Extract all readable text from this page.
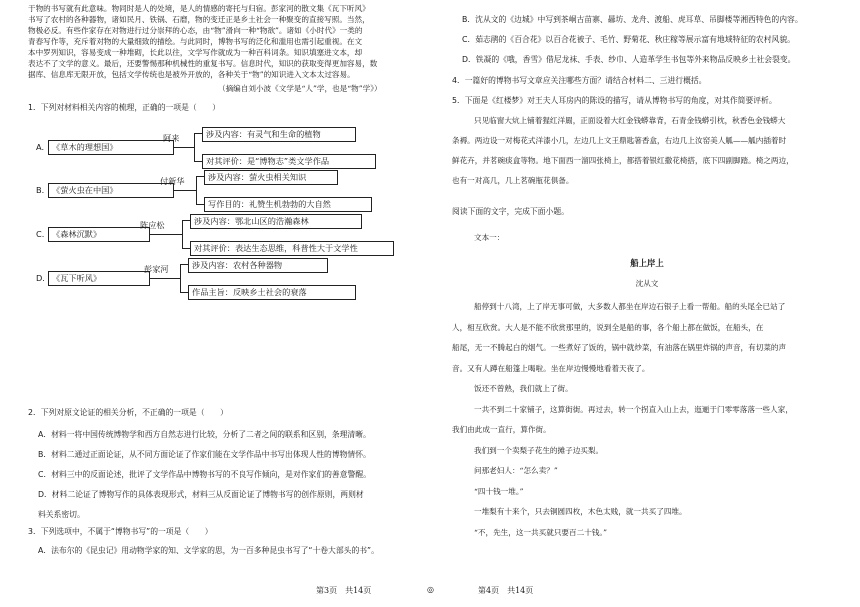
于物的书写就有此意味。物同时是人的处境，是人的情感的寄托与归宿。彭家河的散文集《瓦下听风》
书写了农村的各种器物，诸如民月、铁锅、石磨，物的变迁正是乡土社会一种聚变的直接写照。当然，
物极必反。有些作家存在对物进行过分崇拜的心态，由“物”滑向一种“物欲”。诸如《小时代》一类的
青春写作等，充斥着对物的大量细致的描绘。与此同时，博物书写的泛化和滥用也需引起重视。在文
本中罗列知识，容易变成一种堆砌，长此以往，文学写作就成为一种百科词条。知识填塞进文本，却
表达不了文学的意义。最后，还要警惕那种机械性的重复书写。信息时代，知识的获取变得更加容易，数
据库、信息库无限开放，包括文学传统也是被外开放的，各种关于“物”的知识进入文本太过容易。
（摘编自刘小波《文学是“人”学，也是“物”学》）
1．下列对材料相关内容的梳理，正确的一项是（　　）
A. 《草木的理想国》
阿来	涉及内容：有灵气和生命的植物
对其评价：是“博物志”类文学作品
B. 《萤火虫在中国》
付新华	涉及内容：萤火虫相关知识
写作目的：礼赞生机勃勃的大自然
C. 《森林沉默》
陈应松	涉及内容：鄂北山区的浩瀚森林
对其评价：表达生态思维，科普性大于文学性
D. 《瓦下听风》
彭家河	涉及内容：农村各种器物
作品主旨：反映乡土社会的衰落
2．下列对原文论证的相关分析，不正确的一项是（　　）
A．材料一将中国传统博物学和西方自然志进行比较，分析了二者之间的联系和区别，条理清晰。
B．材料二通过正面论证，从不同方面论证了作家们能在文学作品中书写出体现人性的博物情怀。
C．材料三中的反面论述，批评了文学作品中博物书写的不良写作倾向，是对作家们的善意警醒。
D．材料二论证了博物写作的具体表现形式，材料三从反面论证了博物书写的创作原则，两则材
料关系密切。
3．下列选项中，不属于“博物书写”的一项是（　　）
A．法布尔的《昆虫记》用动物学家的知、文学家的思，为一百多种昆虫书写了“十卷大部头的书”。
B．沈从文的《边城》中写到茶峒古苗寨、曏坊、龙舟、渡船、虎耳草、吊脚楼等湘西特色的内容。
C．茹志鹃的《百合花》以百合花被子、毛竹、野菊花、秋庄稼等展示富有地域特征的农村风貌。
D．铁凝的《哦，香雪》借尼龙袜、手表、纱巾、人造革学生书包等外来物品反映乡土社会裂变。
4．一篇好的博物书写文章应关注哪些方面？请结合材料二、三进行概括。
5．下面是《红楼梦》对王夫人耳房内的陈设的描写，请从博物书写的角度，对其作简要评析。
只见临窗大炕上铺着猩红洋罽，正面设着大红金钱蟒靠背，石青金钱蟒引枕，秋香色金钱蟒大
条褥。两边设一对梅花式洋漆小几，左边几上文王鼎匙箸香盒，右边几上汝窑美人觚——觚内插着时
鲜花卉，并茗碗痰盒等物。地下面西一溜四张椅上，都搭着银红撒花椅搭，底下四副脚踏。椅之两边，
也有一对高几，几上茗碗瓶花俱备。
阅读下面的文字，完成下面小题。
文本一：
船上岸上
沈从文
船停到十八湾，上了岸无事可做，大多数人都坐在岸边石银子上看一帮船。船的头尾全已站了
人，相互欣赏。大人是不能不欣赏那里的，说到全是船的事，各个船上都在做饭，在船头，在
船尾，无一不腾起白的烟气。一些煮好了饭的，锅中就炒菜，有油落在锅里炸锅的声音，有切菜的声
音。又有人蹲在船篷上喝啦。坐在岸边慢慢地看着天夜了。
饭还不曾熟，我们就上了街。
一共不到二十家铺子，这算街街。再过去，转一个拐直入山上去，迤逦于门零零落落一些人家，
我们由此成一直行，算作街。
我们到一个卖梨子花生的摊子边买梨。
问那老妇人：“怎么卖？”
“四十钱一堆。”
一堆梨有十来个，只去铜圆四枚，木色太贱，就一共买了四堆。
“不，先生，这一共买就只要百二十钱。”
第3页　共14页	◎	第4页　共14页
